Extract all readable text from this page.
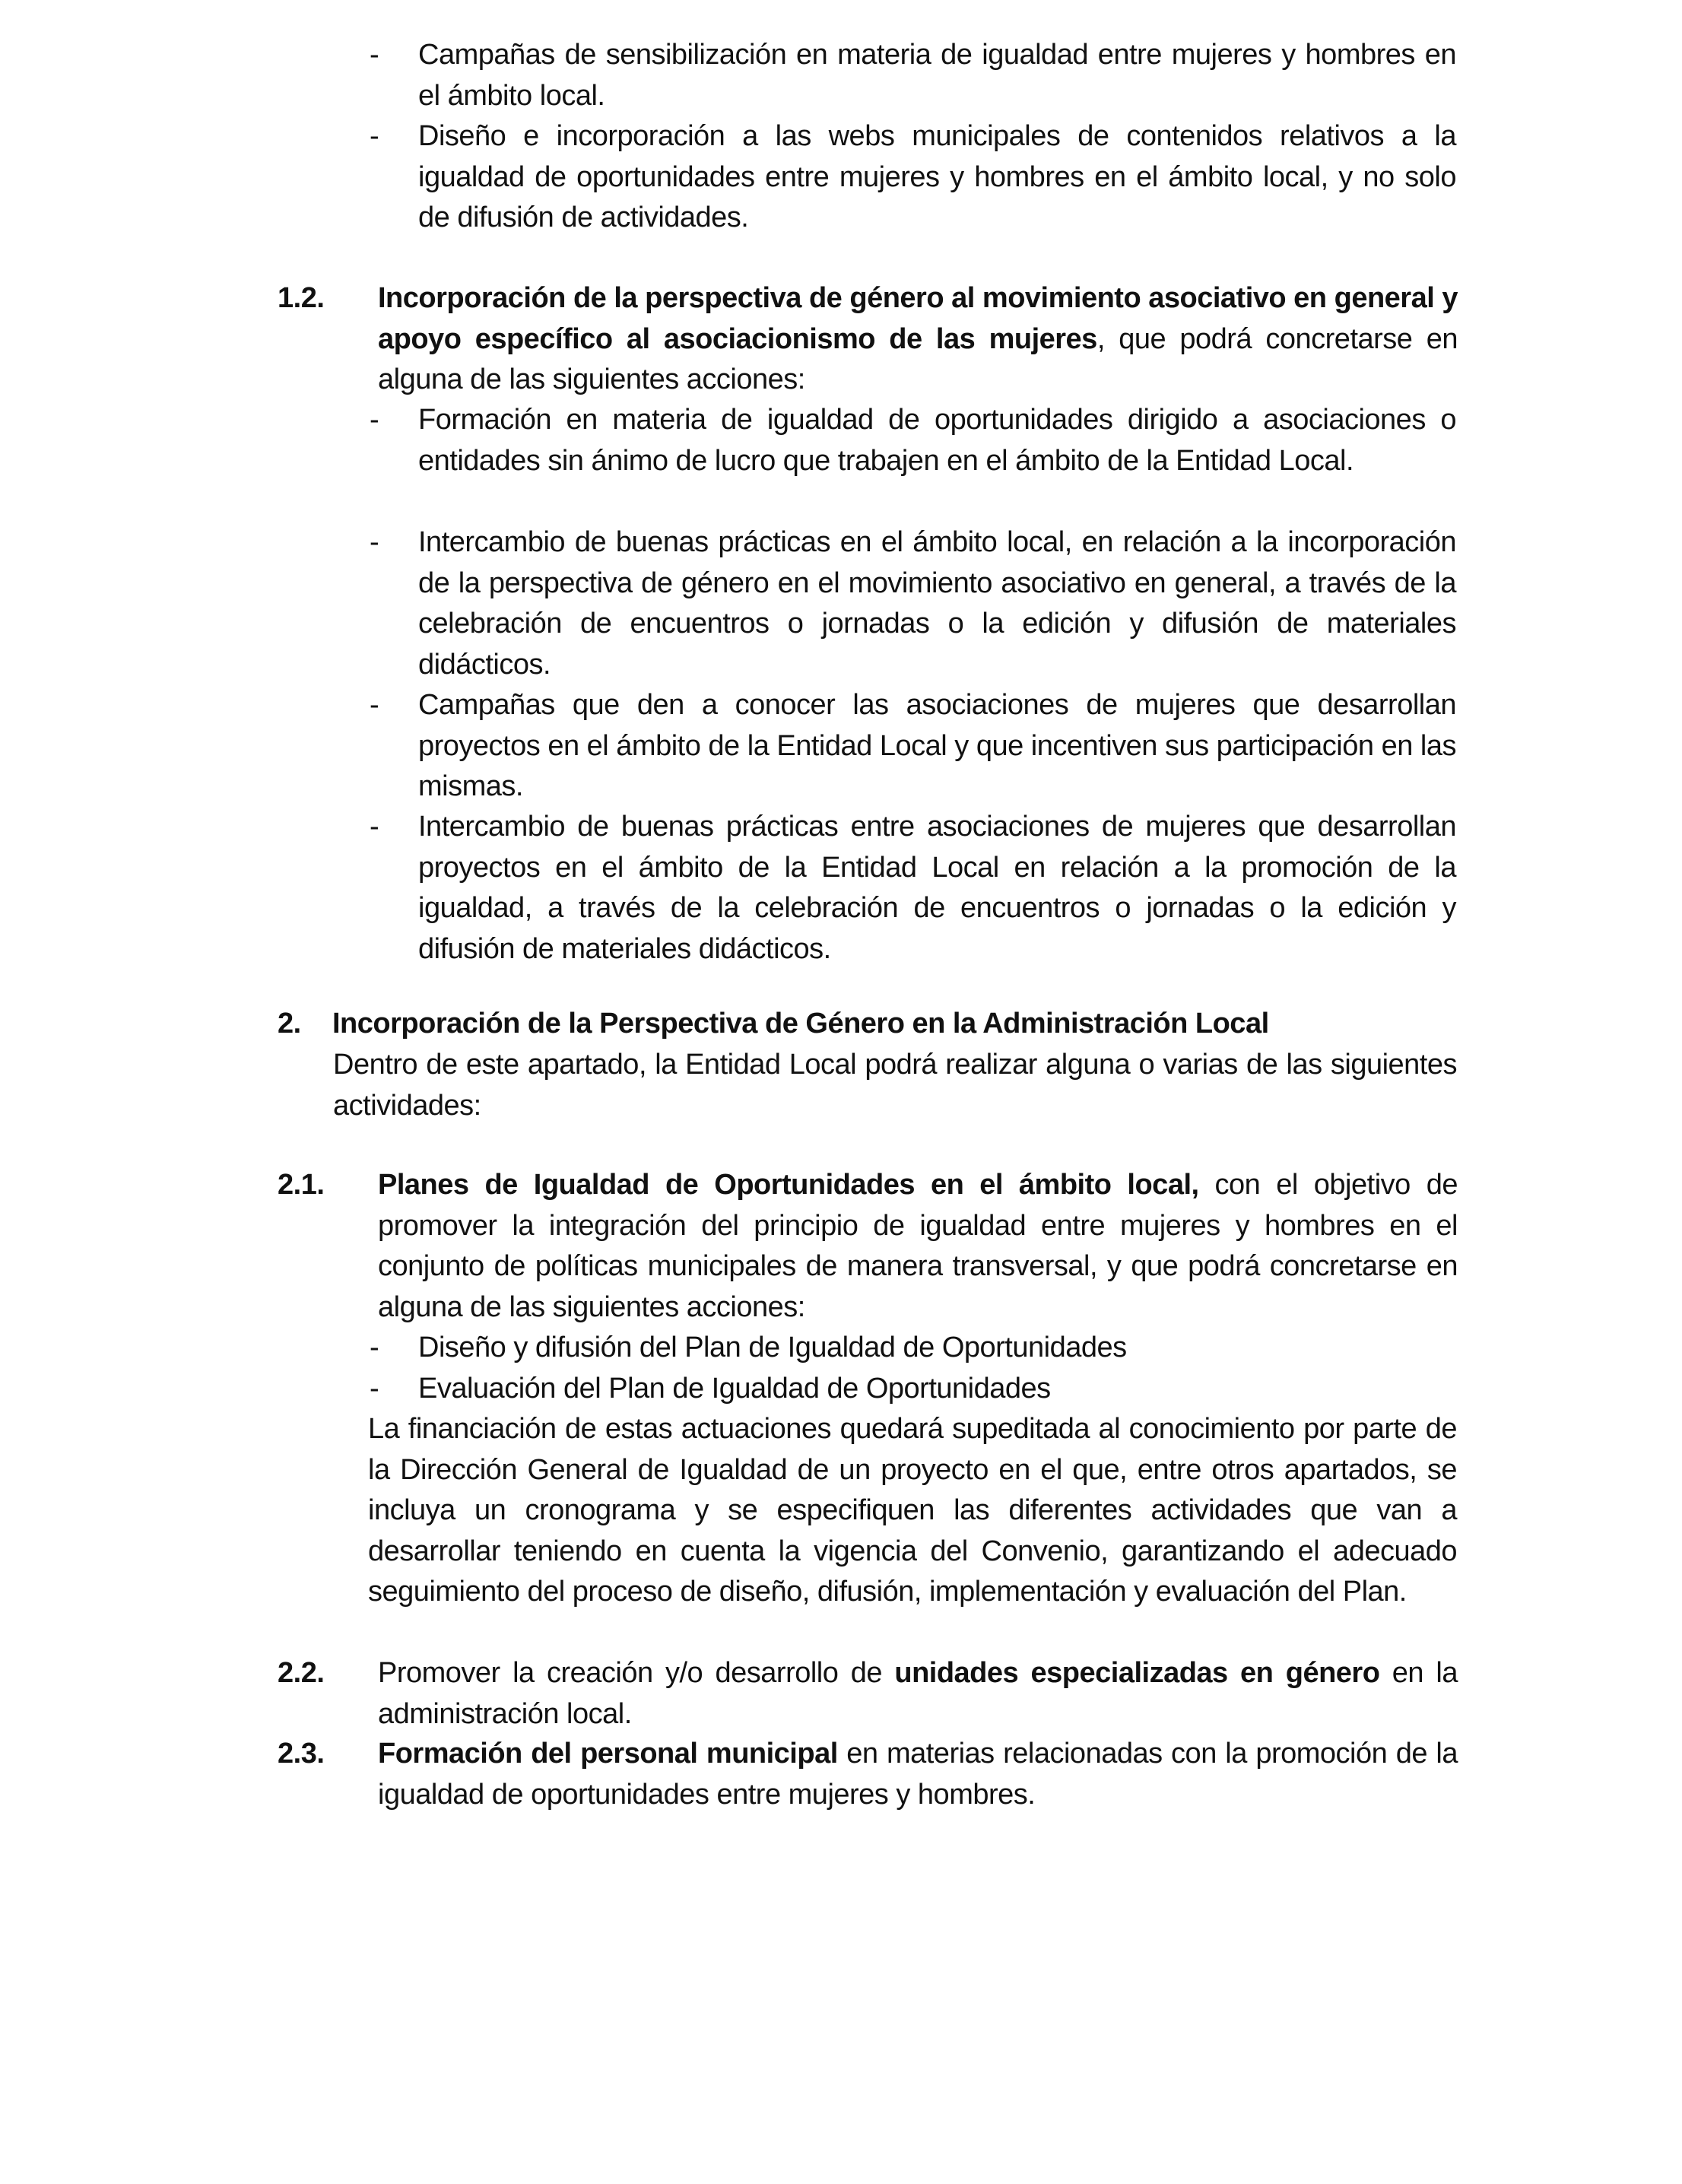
- Campañas de sensibilización en materia de igualdad entre mujeres y hombres en el ámbito local.
- Diseño e incorporación a las webs municipales de contenidos relativos a la igualdad de oportunidades entre mujeres y hombres en el ámbito local, y no solo de difusión de actividades.
1.2. Incorporación de la perspectiva de género al movimiento asociativo en general y apoyo específico al asociacionismo de las mujeres, que podrá concretarse en alguna de las siguientes acciones:
- Formación en materia de igualdad de oportunidades dirigido a asociaciones o entidades sin ánimo de lucro que trabajen en el ámbito de la Entidad Local.
- Intercambio de buenas prácticas en el ámbito local, en relación a la incorporación de la perspectiva de género en el movimiento asociativo en general, a través de la celebración de encuentros o jornadas o la edición y difusión de materiales didácticos.
- Campañas que den a conocer las asociaciones de mujeres que desarrollan proyectos en el ámbito de la Entidad Local y que incentiven sus participación en las mismas.
- Intercambio de buenas prácticas entre asociaciones de mujeres que desarrollan proyectos en el ámbito de la Entidad Local en relación a la promoción de la igualdad, a través de la celebración de encuentros o jornadas o la edición y difusión de materiales didácticos.
2. Incorporación de la Perspectiva de Género en la Administración Local
Dentro de este apartado, la Entidad Local podrá realizar alguna o varias de las siguientes actividades:
2.1. Planes de Igualdad de Oportunidades en el ámbito local, con el objetivo de promover la integración del principio de igualdad entre mujeres y hombres en el conjunto de políticas municipales de manera transversal, y que podrá concretarse en alguna de las siguientes acciones:
- Diseño y difusión del Plan de Igualdad de Oportunidades
- Evaluación del Plan de Igualdad de Oportunidades
La financiación de estas actuaciones quedará supeditada al conocimiento por parte de la Dirección General de Igualdad de un proyecto en el que, entre otros apartados, se incluya un cronograma y se especifiquen las diferentes actividades que van a desarrollar teniendo en cuenta la vigencia del Convenio, garantizando el adecuado seguimiento del proceso de diseño, difusión, implementación y evaluación del Plan.
2.2. Promover la creación y/o desarrollo de unidades especializadas en género en la administración local.
2.3. Formación del personal municipal en materias relacionadas con la promoción de la igualdad de oportunidades entre mujeres y hombres.
